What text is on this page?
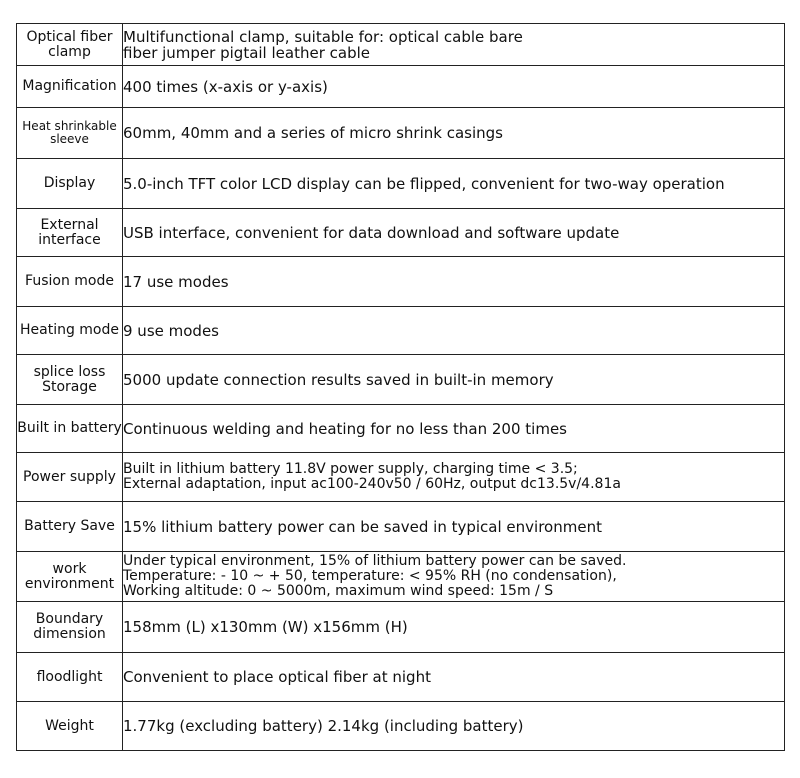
Optical fiber clamp	Multifunctional clamp, suitable for: optical cable bare
fiber jumper pigtail leather cable

Magnification	400 times (x-axis or y-axis)

Heat shrinkable sleeve	60mm, 40mm and a series of micro shrink casings

Display	5.0-inch TFT color LCD display can be flipped, convenient for two-way operation

External interface	USB interface, convenient for data download and software update

Fusion mode	17 use modes

Heating mode	9 use modes

splice loss Storage	5000 update connection results saved in built-in memory

Built in battery	Continuous welding and heating for no less than 200 times

Power supply	Built in lithium battery 11.8V power supply, charging time < 3.5;
External adaptation, input ac100-240v50 / 60Hz, output dc13.5v/4.81a

Battery Save	15% lithium battery power can be saved in typical environment

work environment	Under typical environment, 15% of lithium battery power can be saved.
Temperature: - 10 ~ + 50, temperature: < 95% RH (no condensation),
Working altitude: 0 ~ 5000m, maximum wind speed: 15m / S

Boundary dimension	158mm (L) x130mm (W) x156mm (H)

floodlight	Convenient to place optical fiber at night

Weight	1.77kg (excluding battery) 2.14kg (including battery)
